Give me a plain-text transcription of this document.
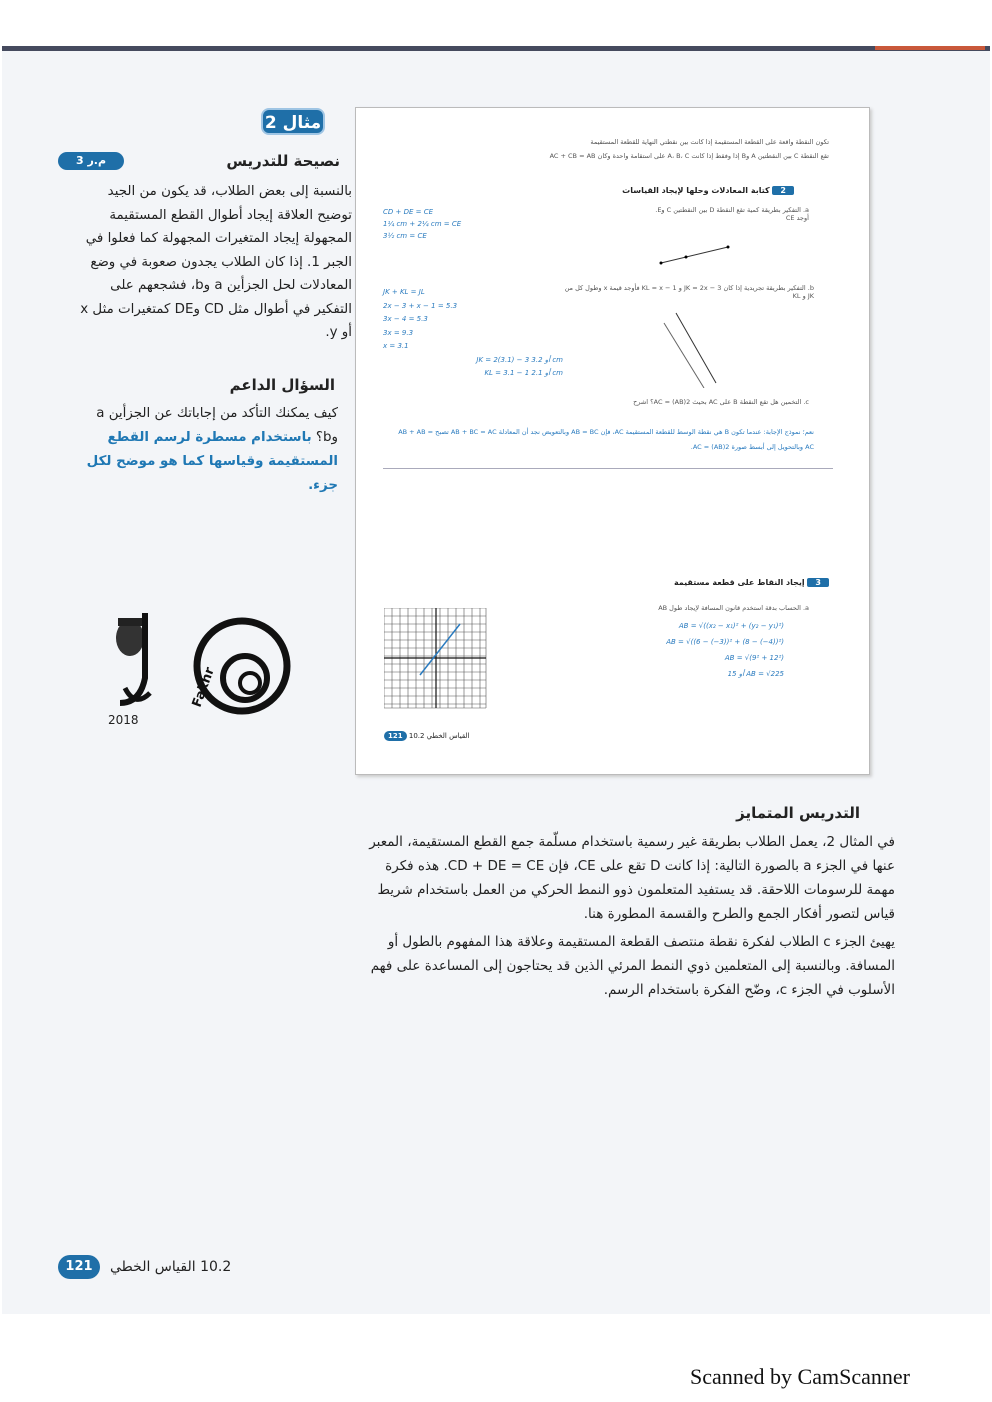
مثال 2
نصيحة للتدريس
م.ر 3
بالنسبة إلى بعض الطلاب، قد يكون من الجيد توضيح العلاقة إيجاد أطوال القطع المستقيمة المجهولة إيجاد المتغيرات المجهولة كما فعلوا في الجبر 1. إذا كان الطلاب يجدون صعوبة في وضع المعادلات لحل الجزأين a وb، فشجعهم على التفكير في أطوال مثل CD وDE كمتغيرات مثل x أو y.
السؤال الداعم
كيف يمكنك التأكد من إجاباتك عن الجزأين a وb؟ باستخدام مسطرة لرسم القطع المستقيمة وقياسها كما هو موضح لكل جزء.
2018
Fakhr
تكون النقطة واقعة على القطعة المستقيمة إذا كانت بين نقطتي النهاية للقطعة المستقيمة
تقع النقطة C بين النقطتين A وB إذا وفقط إذا كانت A، B، C على استقامة واحدة وكان AC + CB = AB
2 كتابة المعادلات وحلها لإيجاد القياسات
a. التفكير بطريقة كمية تقع النقطة D بين النقطتين C وE. أوجد CE
CD + DE = CE
1¼ cm + 2¼ cm = CE
3½ cm = CE
b. التفكير بطريقة تجريدية إذا كان JK = 2x − 3 و KL = x − 1 فأوجد قيمة x وطول كل من JK و KL
JK + KL = JL
2x − 3 + x − 1 = 5.3
3x − 4 = 5.3
3x = 9.3
x = 3.1
JK = 2(3.1) − 3 أو 3.2 cm
KL = 3.1 − 1 أو 2.1 cm
c. التخمين هل تقع النقطة B على AC بحيث 2(AB) = AC؟ اشرح
نعم؛ نموذج الإجابة: عندما تكون B هي نقطة الوسط للقطعة المستقيمة AC، فإن AB = BC وبالتعويض نجد أن المعادلة AB + BC = AC تصبح AB + AB = AC وبالتحويل إلى أبسط صورة 2(AB) = AC.
3 إيجاد النقاط على قطعة مستقيمة
a. الحساب بدقة استخدم قانون المسافة لإيجاد طول AB
AB = √((x₂ − x₁)² + (y₂ − y₁)²)
AB = √((6 − (−3))² + (8 − (−4))²)
AB = √(9² + 12²)
AB = √225 أو 15
121 10.2 القياس الخطي
التدريس المتمايز

في المثال 2، يعمل الطلاب بطريقة غير رسمية باستخدام مسلّمة جمع القطع المستقيمة، المعبر عنها في الجزء a بالصورة التالية: إذا كانت D تقع على CE، فإن CD + DE = CE. هذه فكرة مهمة للرسومات اللاحقة. قد يستفيد المتعلمون ذوو النمط الحركي من العمل باستخدام شريط قياس لتصور أفكار الجمع والطرح والقسمة المطورة هنا.

يهيئ الجزء c الطلاب لفكرة نقطة منتصف القطعة المستقيمة وعلاقة هذا المفهوم بالطول أو المسافة. وبالنسبة إلى المتعلمين ذوي النمط المرئي الذين قد يحتاجون إلى المساعدة على فهم الأسلوب في الجزء c، وضّح الفكرة باستخدام الرسم.

121	10.2 القياس الخطي
Scanned by CamScanner
